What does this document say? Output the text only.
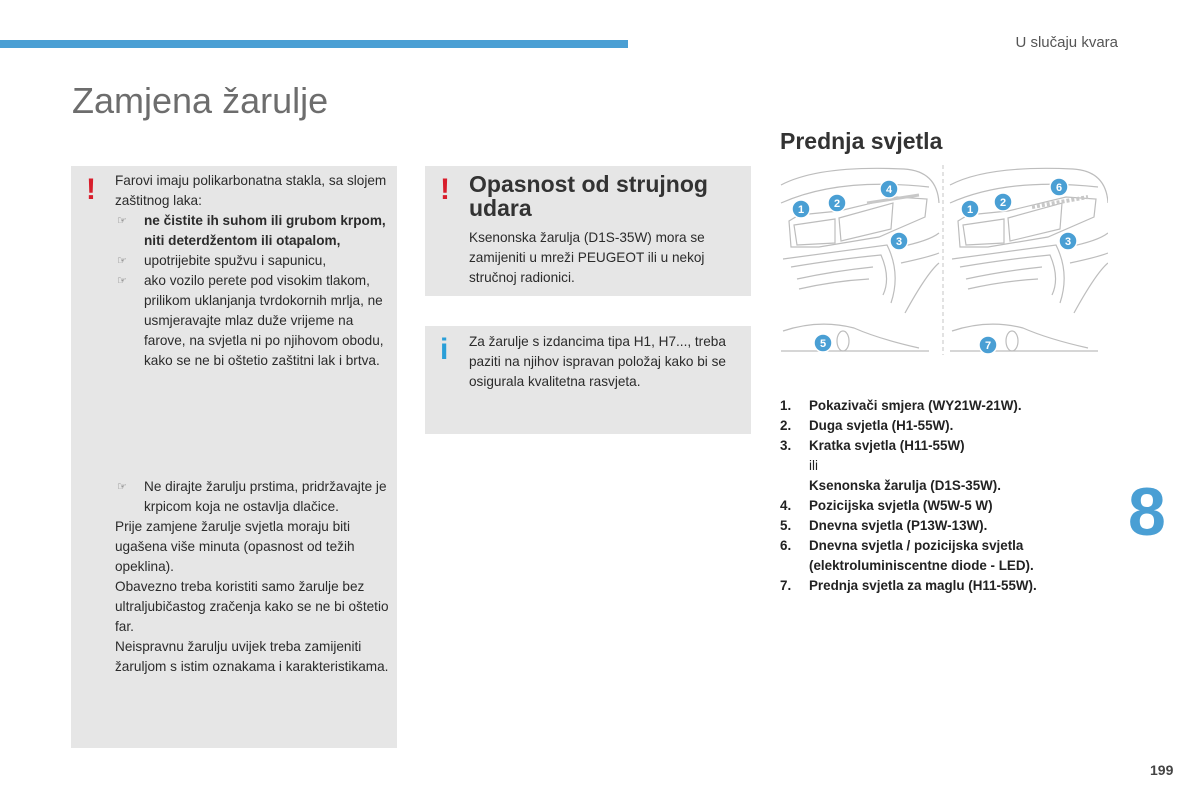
U slučaju kvara
Zamjena žarulje
! Farovi imaju polikarbonatna stakla, sa slojem zaštitnog laka:

☞ ne čistite ih suhom ili grubom krpom, niti deterdžentom ili otapalom,
☞ upotrijebite spužvu i sapunicu,
☞ ako vozilo perete pod visokim tlakom, prilikom uklanjanja tvrdokornih mrlja, ne usmjeravajte mlaz duže vrijeme na farove, na svjetla ni po njihovom obodu, kako se ne bi oštetio zaštitni lak i brtva.
☞ Ne dirajte žarulju prstima, pridržavajte je krpicom koja ne ostavlja dlačice.

Prije zamjene žarulje svjetla moraju biti ugašena više minuta (opasnost od težih opeklina).

Obavezno treba koristiti samo žarulje bez ultraljubičastog zračenja kako se ne bi oštetio far.

Neispravnu žarulju uvijek treba zamijeniti žaruljom s istim oznakama i karakteristikama.

! Opasnost od strujnog udara
Ksenonska žarulja (D1S-35W) mora se zamijeniti u mreži PEUGEOT ili u nekoj stručnoj radionici.
i Za žarulje s izdancima tipa H1, H7..., treba paziti na njihov ispravan položaj kako bi se osigurala kvalitetna rasvjeta.
Prednja svjetla
1	2
4
3
5
1
2
6
3
7
1. Pokazivači smjera (WY21W-21W).
2. Duga svjetla (H1-55W).
3. Kratka svjetla (H11-55W)
ili
Ksenonska žarulja (D1S-35W).
4. Pozicijska svjetla (W5W-5 W)
5. Dnevna svjetla (P13W-13W).
6. Dnevna svjetla / pozicijska svjetla (elektroluminiscentne diode - LED).
7. Prednja svjetla za maglu (H11-55W).
8
199
